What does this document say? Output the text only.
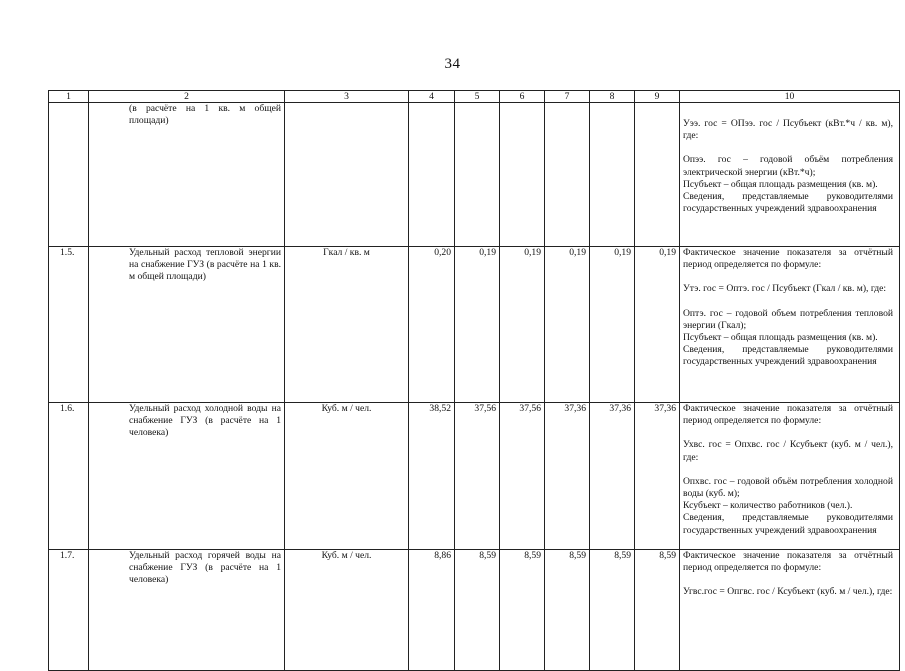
34
1	2	3	4	5	6	7	8	9	10
	(в расчёте на 1 кв. м общей площади)								Уээ. гос = ОПээ. гос / Псубъект (кВт.*ч / кв. м), где:

Опээ. гос – годовой объём потребления электрической энергии (кВт.*ч);

Псубъект – общая площадь размещения (кв. м).

Сведения, представляемые руководителями государственных учреждений здравоохранения

1.5.	Удельный расход тепловой энергии на снабжение ГУЗ (в расчёте на 1 кв. м общей площади)	Гкал / кв. м	0,20	0,19	0,19	0,19	0,19	0,19	Фактическое значение показателя за отчётный период определяется по формуле:

Утэ. гос = Оптэ. гос / Псубъект (Гкал / кв. м), где:

Оптэ. гос – годовой объем потребления тепловой энергии (Гкал);

Псубъект – общая площадь размещения (кв. м).

Сведения, представляемые руководителями государственных учреждений здравоохранения

1.6.	Удельный расход холодной воды на снабжение ГУЗ (в расчёте на 1 человека)	Куб. м / чел.	38,52	37,56	37,56	37,36	37,36	37,36	Фактическое значение показателя за отчётный период определяется по формуле:

Ухвс. гос = Опхвс. гос / Ксубъект (куб. м / чел.), где:

Опхвс. гос – годовой объём потребления холодной воды (куб. м);

Ксубъект – количество работников (чел.).

Сведения, представляемые руководителями государственных учреждений здравоохранения

1.7.	Удельный расход горячей воды на снабжение ГУЗ (в расчёте на 1 человека)	Куб. м / чел.	8,86	8,59	8,59	8,59	8,59	8,59	Фактическое значение показателя за отчётный период определяется по формуле:

Угвс.гос = Опгвс. гос / Ксубъект (куб. м / чел.), где:
